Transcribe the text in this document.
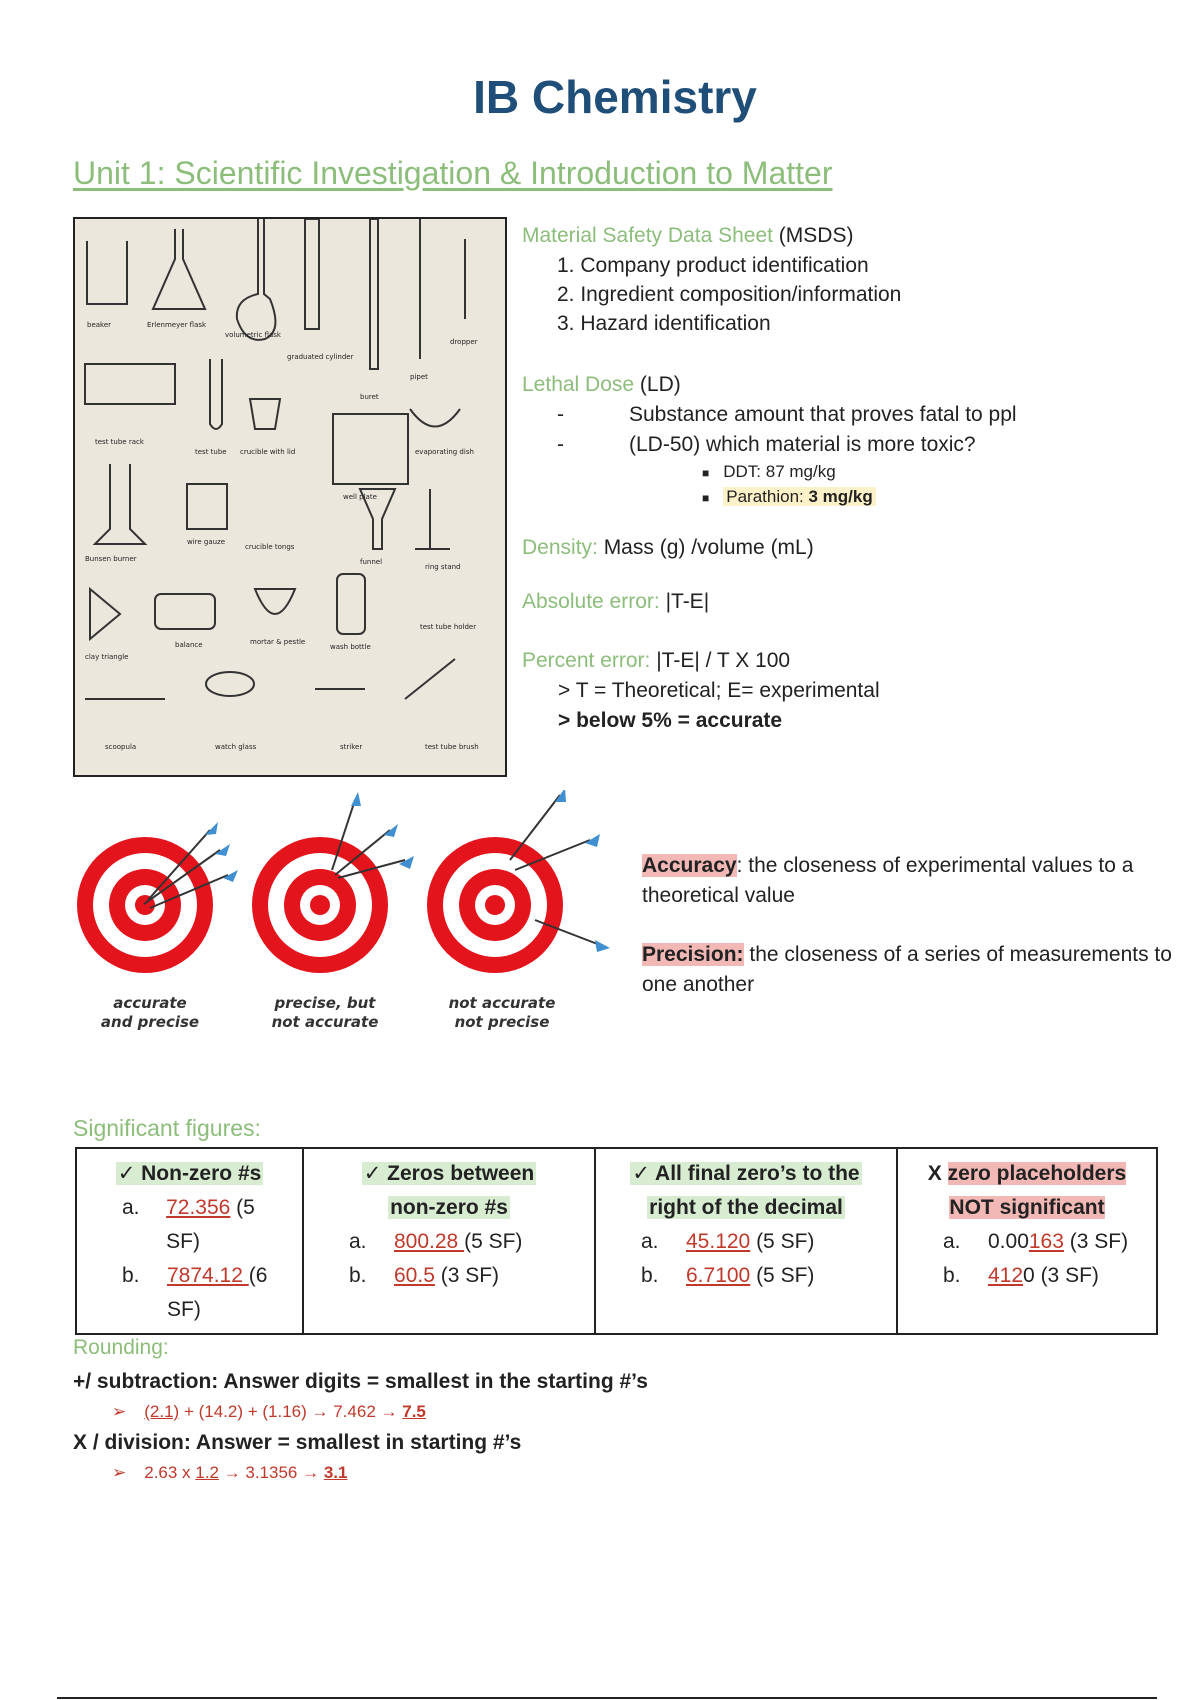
IB Chemistry
Unit 1: Scientific Investigation & Introduction to Matter
beaker	Erlenmeyer flask
volumetric flask
graduated cylinder
buret
pipet
dropper
test tube rack
test tube crucible with lid	evaporating dish
well plate
Bunsen burner
wire gauze
crucible tongs
funnel
ring stand
clay triangle
balance	mortar & pestle
wash bottle
test tube holder
scoopula	watch glass	striker	test tube brush
Material Safety Data Sheet (MSDS)
1. Company product identification
2. Ingredient composition/information
3. Hazard identification
Lethal Dose (LD)
-	Substance amount that proves fatal to ppl
-	(LD-50) which material is more toxic?
■ DDT: 87 mg/kg
■ Parathion: 3 mg/kg
Density: Mass (g) /volume (mL)
Absolute error: |T-E|
Percent error: |T-E| / T X 100
> T = Theoretical; E= experimental
> below 5% = accurate
accurate
and precise
precise, but
not accurate
not accurate
not precise
Accuracy: the closeness of experimental values to a theoretical value
Precision: the closeness of a series of measurements to one another
Significant figures:
✓ Non-zero #s
a.	72.356 (5 SF)
b.	7874.12 (6
SF)

✓ Zeros between
non-zero #s
a.	800.28 (5 SF)
b.	60.5 (3 SF)

✓ All final zero’s to the
right of the decimal
a.	45.120 (5 SF)
b.	6.7100 (5 SF)

X zero placeholders
NOT significant
a.	0.00163 (3 SF)
b.	4120 (3 SF)
Rounding:
+/ subtraction: Answer digits = smallest in the starting #’s
➢ (2.1) + (14.2) + (1.16) → 7.462 → 7.5
X / division: Answer = smallest in starting #’s
➢ 2.63 x 1.2 → 3.1356 → 3.1
